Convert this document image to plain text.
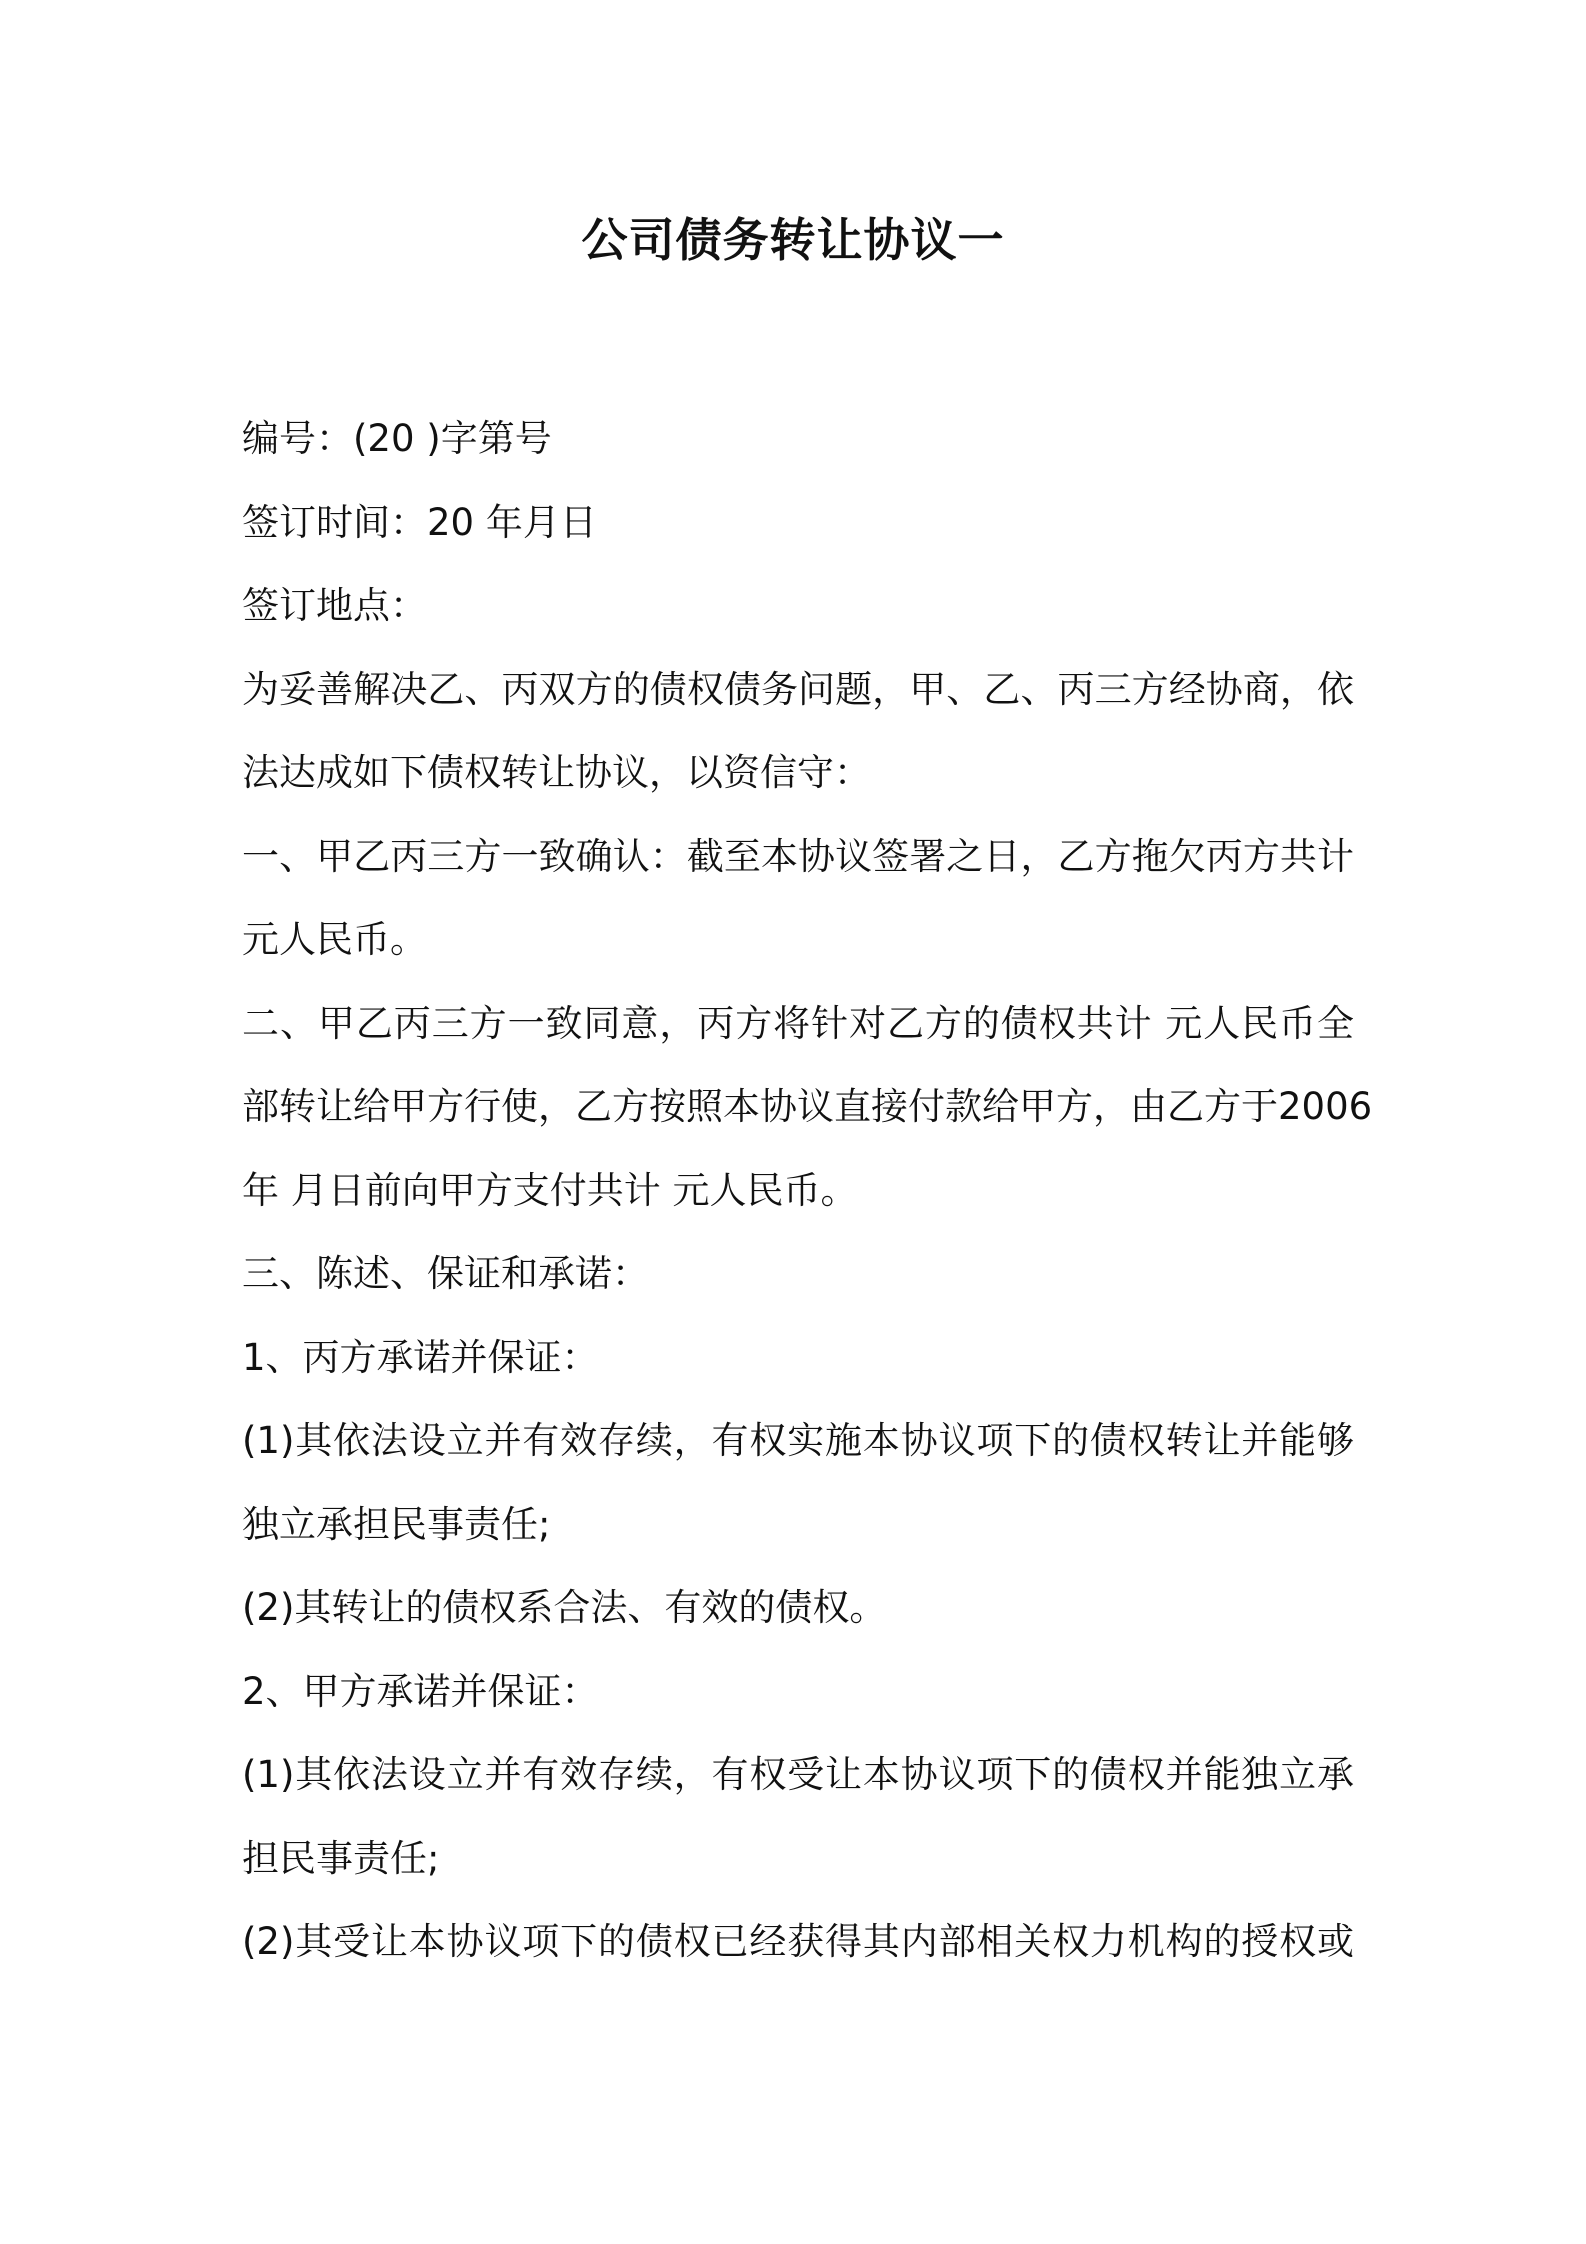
公司债务转让协议一
编号：(20 )字第号
签订时间：20 年月日
签订地点：
为妥善解决乙、丙双方的债权债务问题，甲、乙、丙三方经协商，依
法达成如下债权转让协议，以资信守：
一、甲乙丙三方一致确认：截至本协议签署之日，乙方拖欠丙方共计
元人民币。
二、甲乙丙三方一致同意，丙方将针对乙方的债权共计 元人民币全
部转让给甲方行使，乙方按照本协议直接付款给甲方，由乙方于2006
年 月日前向甲方支付共计 元人民币。
三、陈述、保证和承诺：
1、丙方承诺并保证：
(1)其依法设立并有效存续，有权实施本协议项下的债权转让并能够
独立承担民事责任;
(2)其转让的债权系合法、有效的债权。
2、甲方承诺并保证：
(1)其依法设立并有效存续，有权受让本协议项下的债权并能独立承
担民事责任;
(2)其受让本协议项下的债权已经获得其内部相关权力机构的授权或
